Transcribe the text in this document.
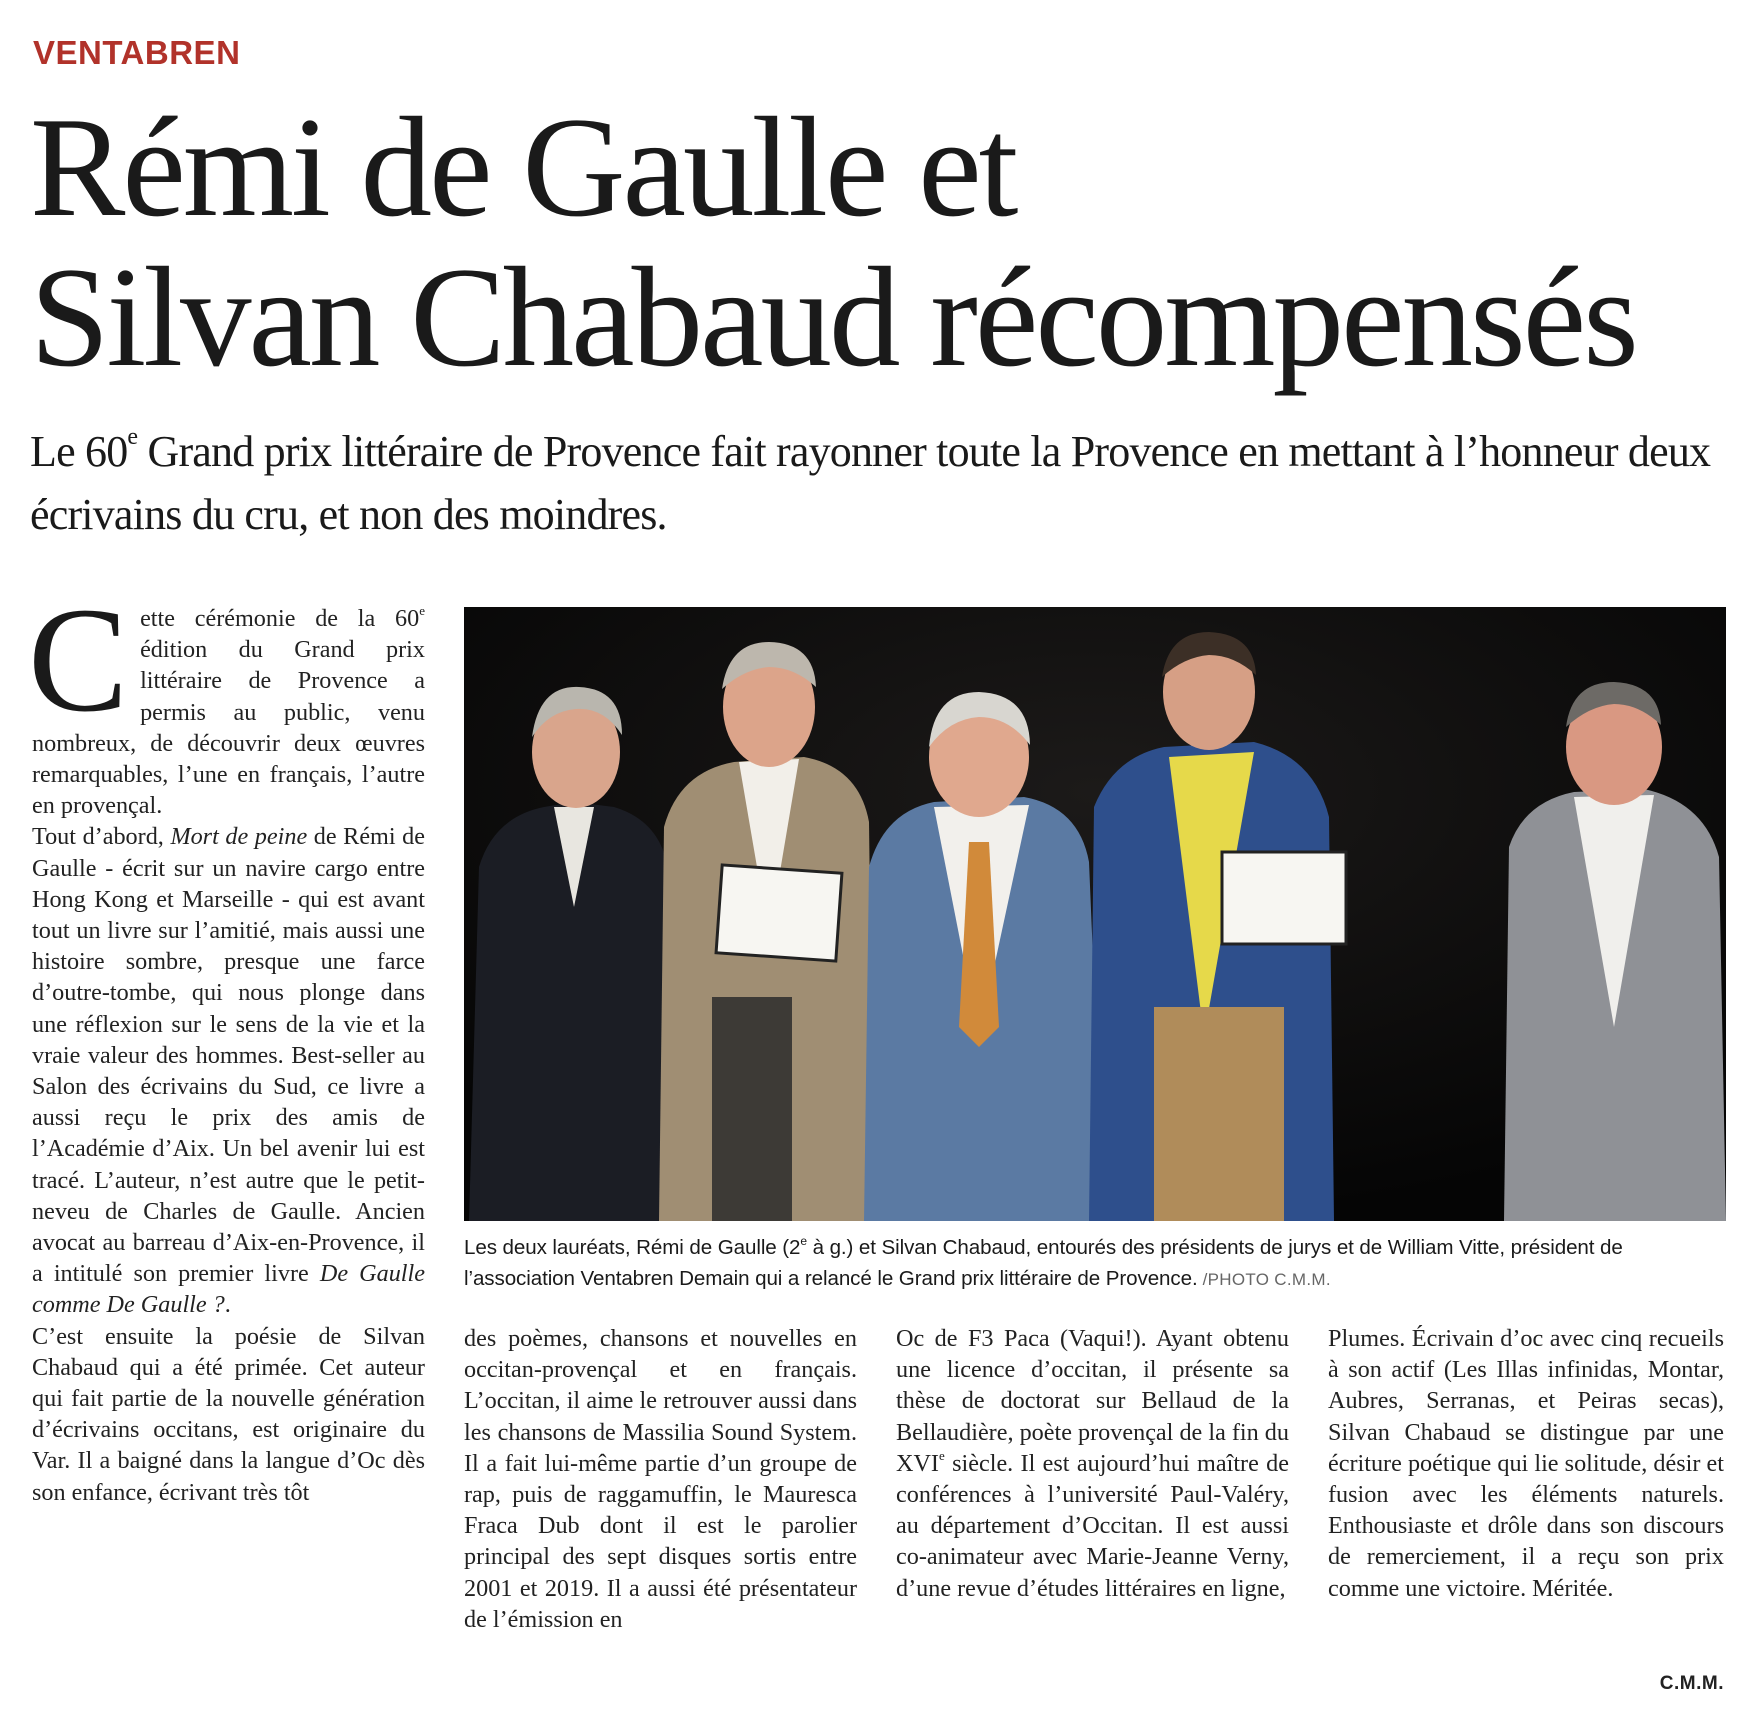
VENTABREN
Rémi de Gaulle et
Silvan Chabaud récompensés

Le 60e Grand prix littéraire de Provence fait rayonner toute la Provence en mettant à l’honneur deux écrivains du cru, et non des moindres.

Cette cérémonie de la 60e édition du Grand prix littéraire de Provence a permis au public, venu nombreux, de découvrir deux œuvres remarquables, l’une en français, l’autre en provençal.

Tout d’abord, Mort de peine de Rémi de Gaulle - écrit sur un navire cargo entre Hong Kong et Marseille - qui est avant tout un livre sur l’amitié, mais aussi une histoire sombre, presque une farce d’outre-tombe, qui nous plonge dans une réflexion sur le sens de la vie et la vraie valeur des hommes. Best-seller au Salon des écrivains du Sud, ce livre a aussi reçu le prix des amis de l’Académie d’Aix. Un bel avenir lui est tracé. L’auteur, n’est autre que le petit-neveu de Charles de Gaulle. Ancien avocat au barreau d’Aix-en-Provence, il a intitulé son premier livre De Gaulle comme De Gaulle ?.

C’est ensuite la poésie de Silvan Chabaud qui a été primée. Cet auteur qui fait partie de la nouvelle génération d’écrivains occitans, est originaire du Var. Il a baigné dans la langue d’Oc dès son enfance, écrivant très tôt

Les deux lauréats, Rémi de Gaulle (2e à g.) et Silvan Chabaud, entourés des présidents de jurys et de William Vitte, président de l’association Ventabren Demain qui a relancé le Grand prix littéraire de Provence. /PHOTO C.M.M.

des poèmes, chansons et nouvelles en occitan-provençal et en français. L’occitan, il aime le retrouver aussi dans les chansons de Massilia Sound System. Il a fait lui-même partie d’un groupe de rap, puis de raggamuffin, le Mauresca Fraca Dub dont il est le parolier principal des sept disques sortis entre 2001 et 2019. Il a aussi été présentateur de l’émission en

Oc de F3 Paca (Vaqui!). Ayant obtenu une licence d’occitan, il présente sa thèse de doctorat sur Bellaud de la Bellaudière, poète provençal de la fin du XVIe siècle. Il est aujourd’hui maître de conférences à l’université Paul-Valéry, au département d’Occitan. Il est aussi co-animateur avec Marie-Jeanne Verny, d’une revue d’études littéraires en ligne,

Plumes. Écrivain d’oc avec cinq recueils à son actif (Les Illas infinidas, Montar, Aubres, Serranas, et Peiras secas), Silvan Chabaud se distingue par une écriture poétique qui lie solitude, désir et fusion avec les éléments naturels. Enthousiaste et drôle dans son discours de remerciement, il a reçu son prix comme une victoire. Méritée.

C.M.M.
